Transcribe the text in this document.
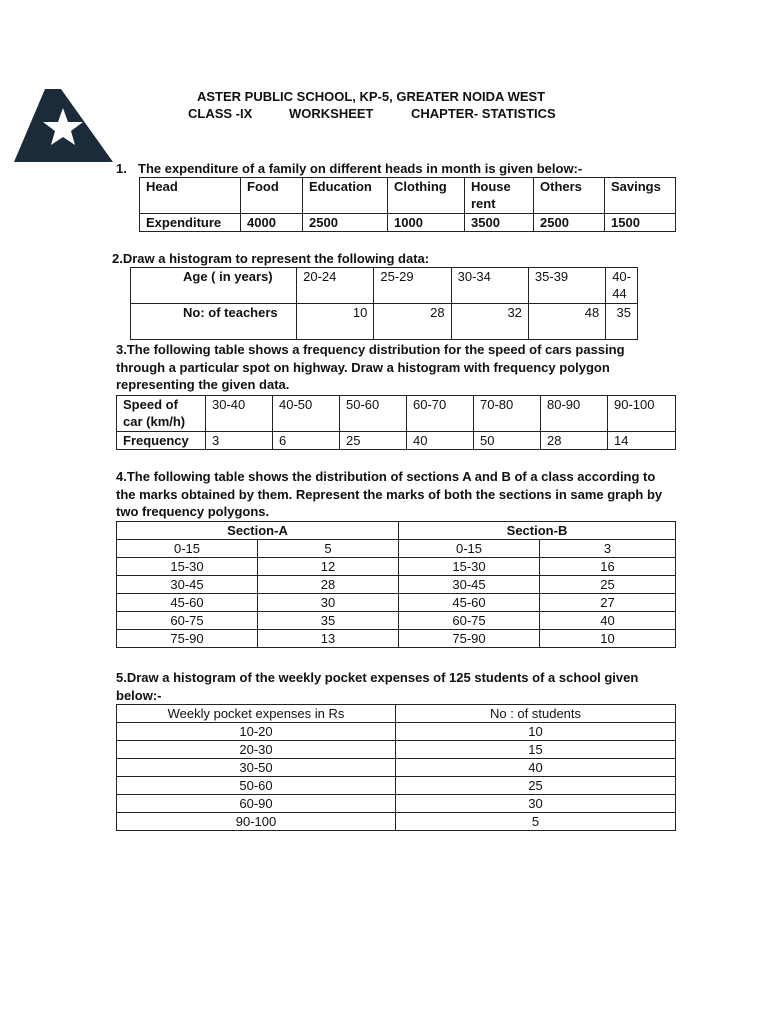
ASTER PUBLIC SCHOOL, KP-5, GREATER NOIDA WEST
CLASS -IX	WORKSHEET	CHAPTER- STATISTICS
1. The expenditure of a family on different heads in month is given below:-
Head	Food	Education	Clothing	House rent	Others	Savings
Expenditure	4000	2500	1000	3500	2500	1500
2.Draw a histogram to represent the following data:
Age ( in years)	20-24	25-29	30-34	35-39	40-44
No: of teachers	10	28	32	48	35
3.The following table shows a frequency distribution for the speed of cars passing through a particular spot on highway. Draw a histogram with frequency polygon representing the given data.
Speed of car (km/h)	30-40	40-50	50-60	60-70	70-80	80-90	90-100
Frequency	3	6	25	40	50	28	14
4.The following table shows the distribution of sections A and B of a class according to the marks obtained by them. Represent the marks of both the sections in same graph by two frequency polygons.
Section-A		Section-B	
0-15	5	0-15	3
15-30	12	15-30	16
30-45	28	30-45	25
45-60	30	45-60	27
60-75	35	60-75	40
75-90	13	75-90	10
5.Draw a histogram of the weekly pocket expenses of 125 students of a school given below:-
Weekly pocket expenses in Rs	No : of students
10-20	10
20-30	15
30-50	40
50-60	25
60-90	30
90-100	5
